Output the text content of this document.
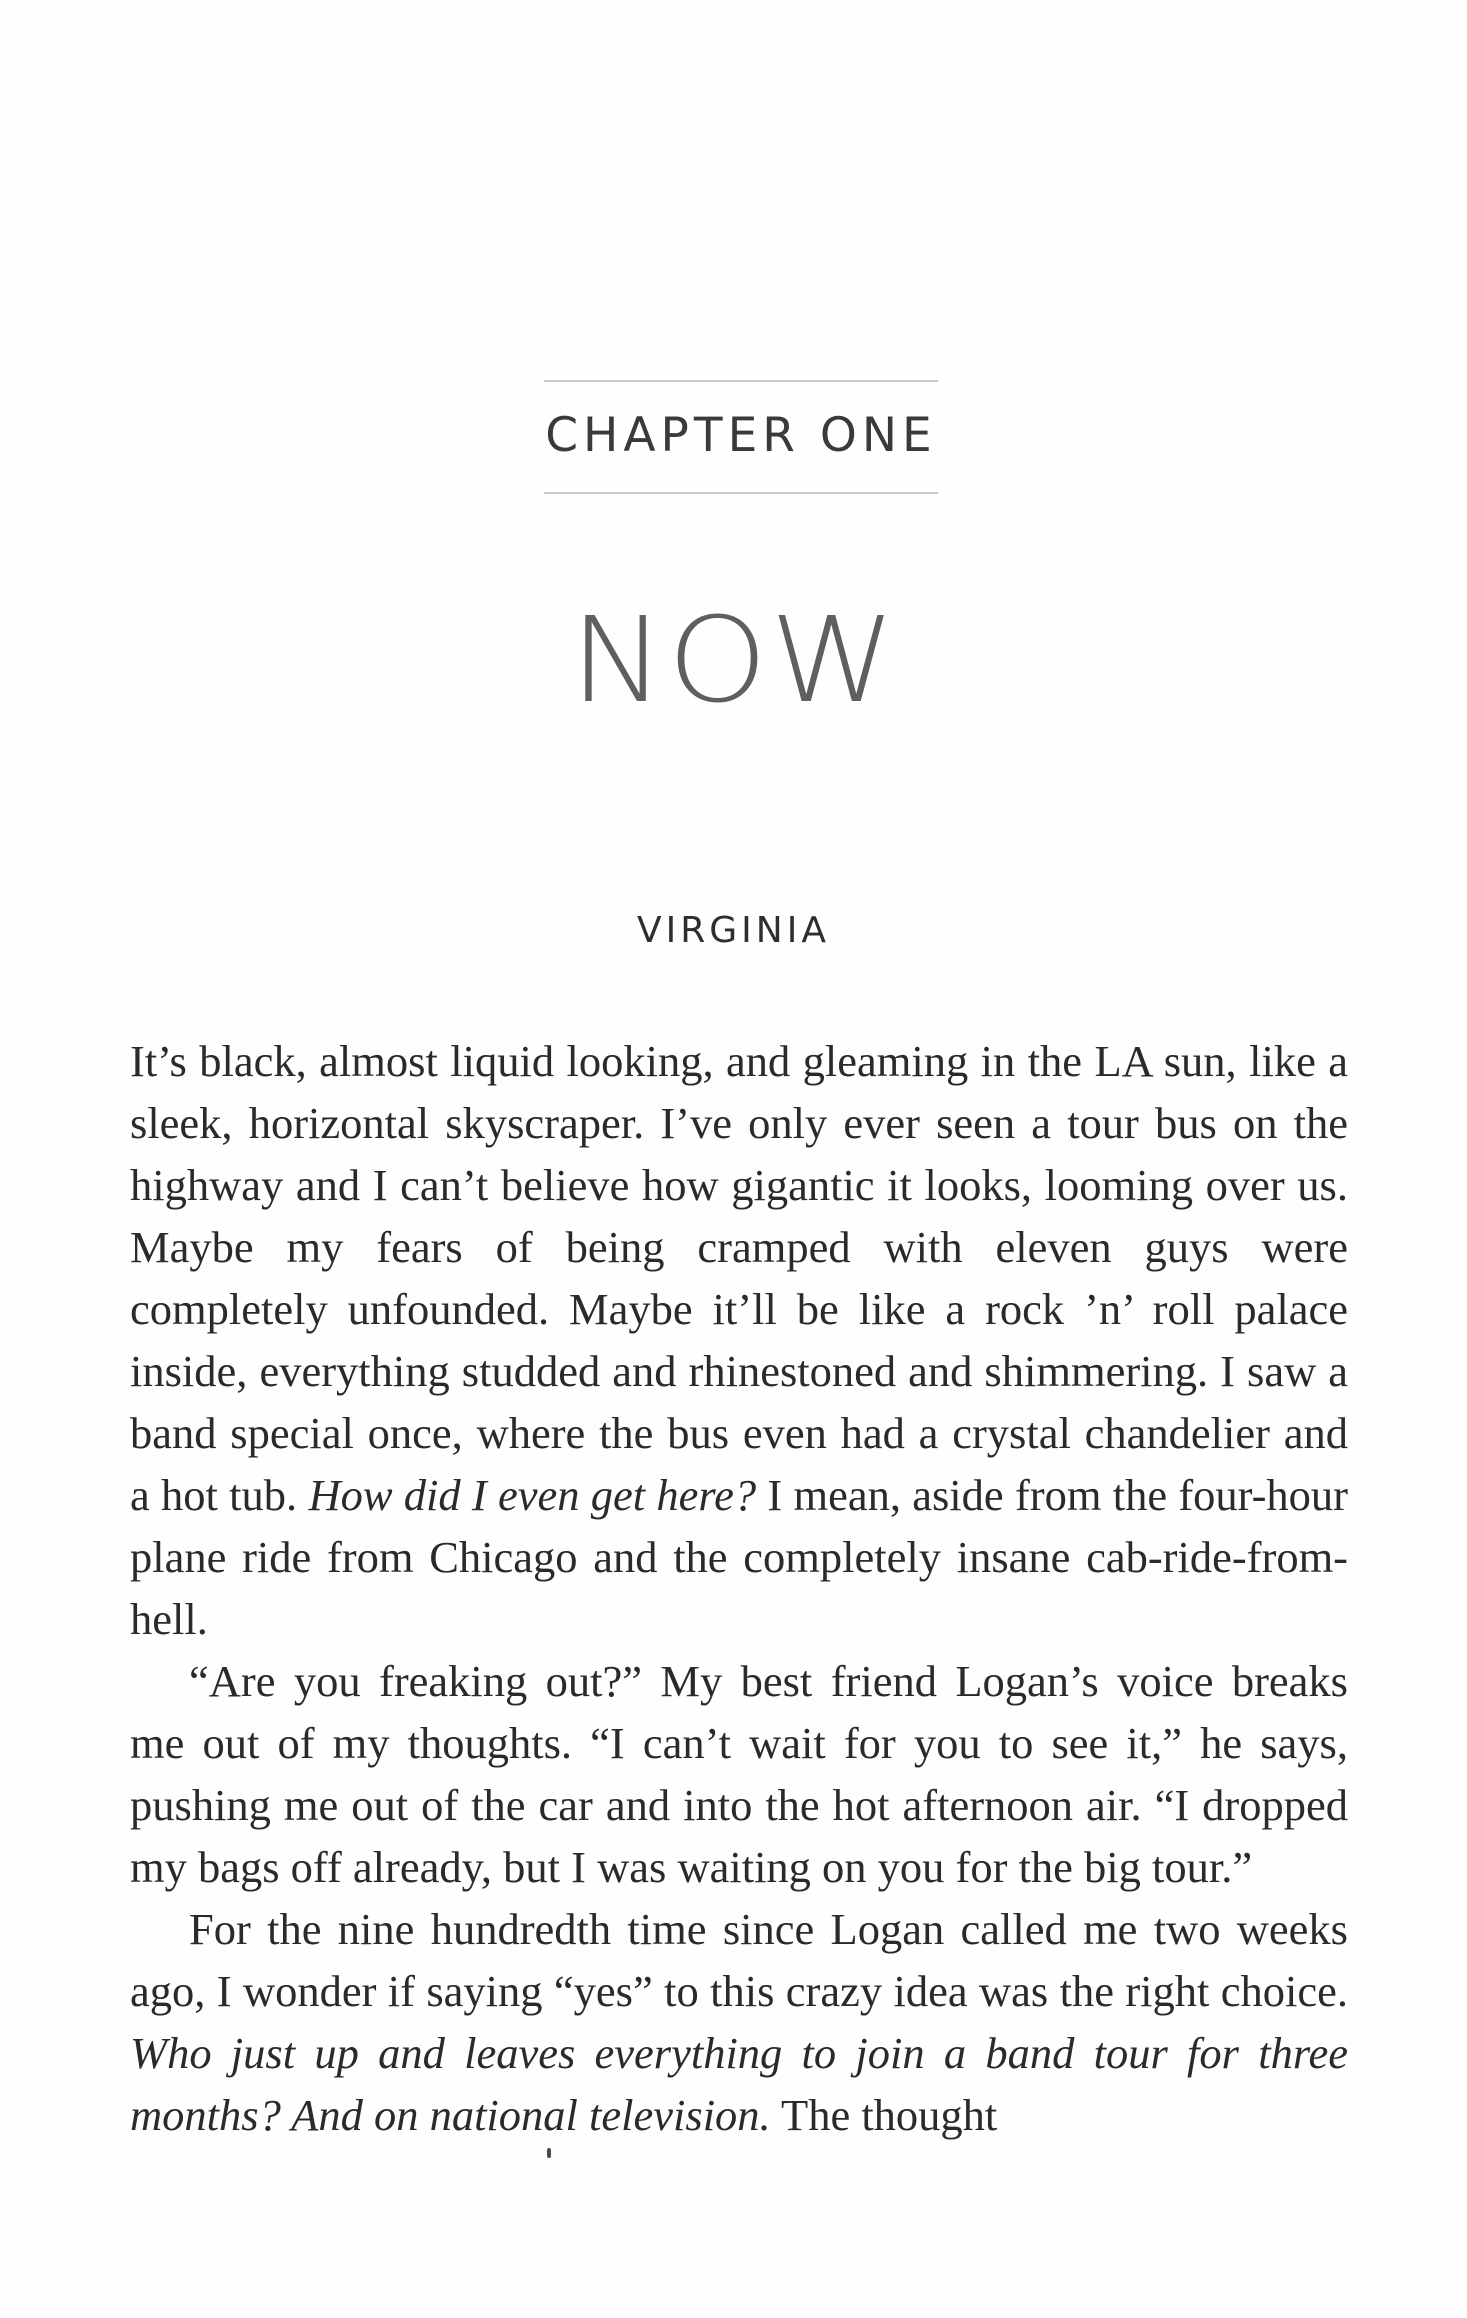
CHAPTER ONE
NOW
VIRGINIA

It’s black, almost liquid looking, and gleaming in the LA sun, like a sleek, horizontal skyscraper. I’ve only ever seen a tour bus on the highway and I can’t believe how gigantic it looks, looming over us. Maybe my fears of being cramped with eleven guys were completely unfounded. Maybe it’ll be like a rock ’n’ roll palace inside, everything studded and rhinestoned and shimmering. I saw a band special once, where the bus even had a crystal chandelier and a hot tub. How did I even get here? I mean, aside from the four-hour plane ride from Chicago and the completely insane cab-ride-from-hell.

“Are you freaking out?” My best friend Logan’s voice breaks me out of my thoughts. “I can’t wait for you to see it,” he says, pushing me out of the car and into the hot afternoon air. “I dropped my bags off already, but I was waiting on you for the big tour.”

For the nine hundredth time since Logan called me two weeks ago, I wonder if saying “yes” to this crazy idea was the right choice. Who just up and leaves everything to join a band tour for three months? And on national television. The thought
